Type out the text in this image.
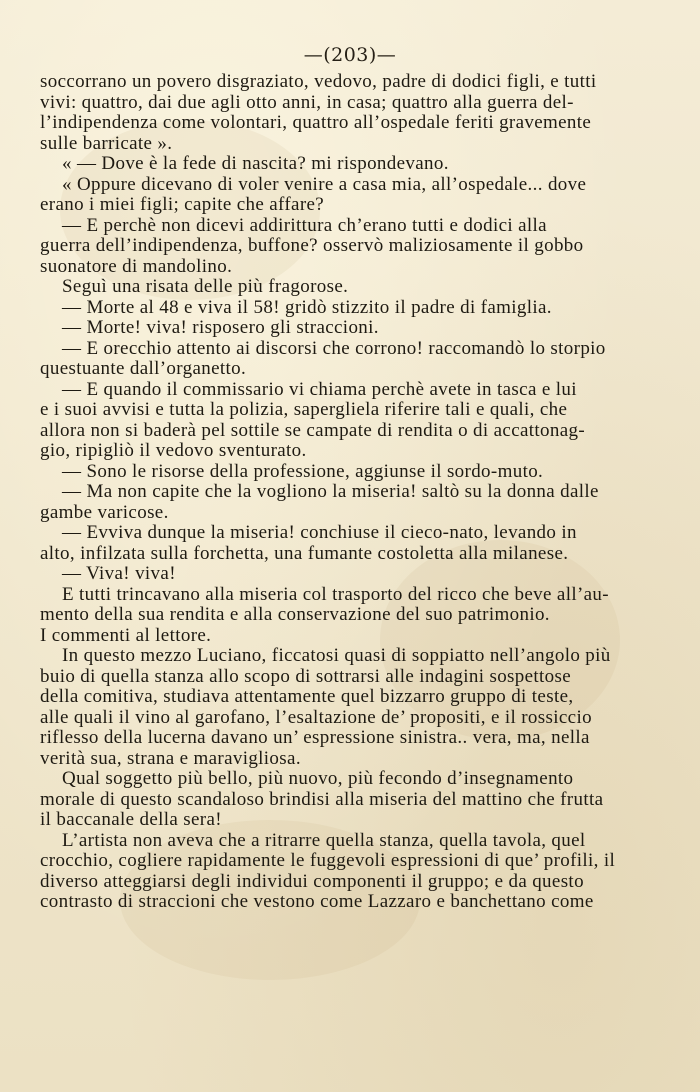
—(203)—
soccorrano un povero disgraziato, vedovo, padre di dodici figli, e tutti
vivi: quattro, dai due agli otto anni, in casa; quattro alla guerra del-
l’indipendenza come volontari, quattro all’ospedale feriti gravemente
sulle barricate ».
« — Dove è la fede di nascita? mi rispondevano.
« Oppure dicevano di voler venire a casa mia, all’ospedale... dove
erano i miei figli; capite che affare?
— E perchè non dicevi addirittura ch’erano tutti e dodici alla
guerra dell’indipendenza, buffone? osservò maliziosamente il gobbo
suonatore di mandolino.
Seguì una risata delle più fragorose.
— Morte al 48 e viva il 58! gridò stizzito il padre di famiglia.
— Morte! viva! risposero gli straccioni.
— E orecchio attento ai discorsi che corrono! raccomandò lo storpio
questuante dall’organetto.
— E quando il commissario vi chiama perchè avete in tasca e lui
e i suoi avvisi e tutta la polizia, sapergliela riferire tali e quali, che
allora non si baderà pel sottile se campate di rendita o di accattonag-
gio, ripigliò il vedovo sventurato.
— Sono le risorse della professione, aggiunse il sordo-muto.
— Ma non capite che la vogliono la miseria! saltò su la donna dalle
gambe varicose.
— Evviva dunque la miseria! conchiuse il cieco-nato, levando in
alto, infilzata sulla forchetta, una fumante costoletta alla milanese.
— Viva! viva!
E tutti trincavano alla miseria col trasporto del ricco che beve all’au-
mento della sua rendita e alla conservazione del suo patrimonio.
I commenti al lettore.
In questo mezzo Luciano, ficcatosi quasi di soppiatto nell’angolo più
buio di quella stanza allo scopo di sottrarsi alle indagini sospettose
della comitiva, studiava attentamente quel bizzarro gruppo di teste,
alle quali il vino al garofano, l’esaltazione de’ propositi, e il rossiccio
riflesso della lucerna davano un’ espressione sinistra.. vera, ma, nella
verità sua, strana e maravigliosa.
Qual soggetto più bello, più nuovo, più fecondo d’insegnamento
morale di questo scandaloso brindisi alla miseria del mattino che frutta
il baccanale della sera!
L’artista non aveva che a ritrarre quella stanza, quella tavola, quel
crocchio, cogliere rapidamente le fuggevoli espressioni di que’ profili, il
diverso atteggiarsi degli individui componenti il gruppo; e da questo
contrasto di straccioni che vestono come Lazzaro e banchettano come
